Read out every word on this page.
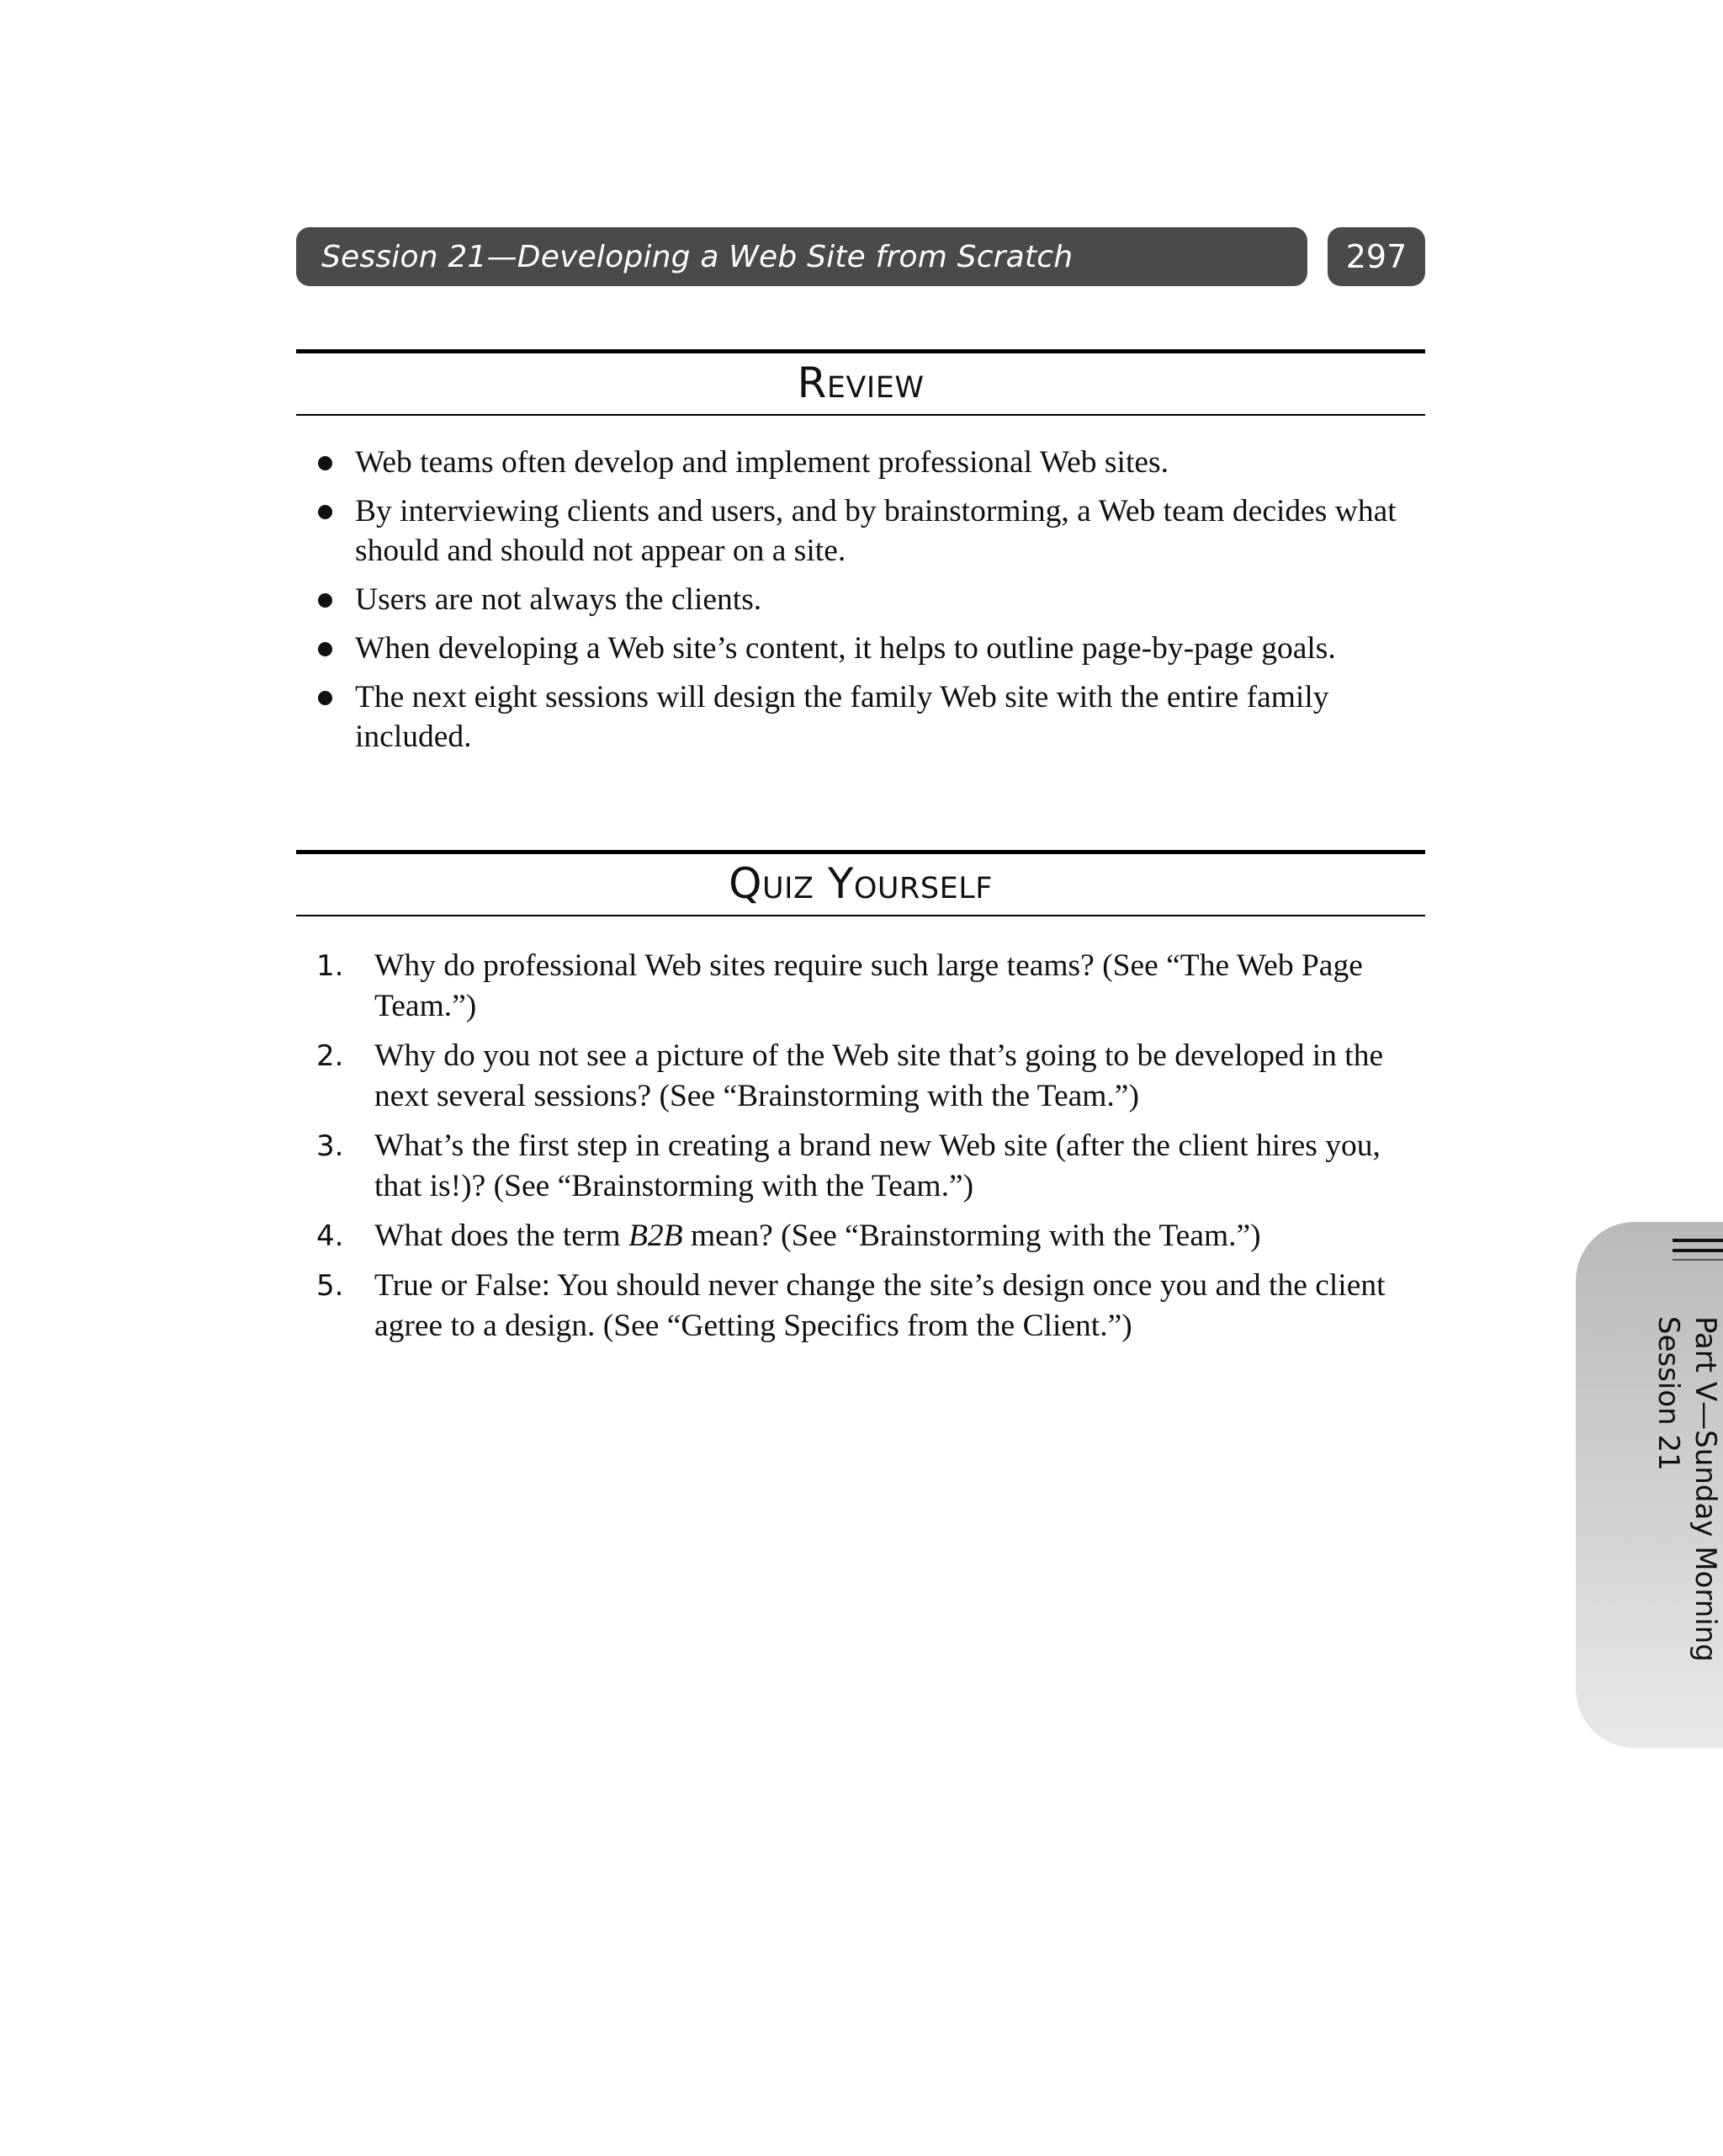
Session 21—Developing a Web Site from Scratch	297
Review
Web teams often develop and implement professional Web sites.
By interviewing clients and users, and by brainstorming, a Web team decides what should and should not appear on a site.
Users are not always the clients.
When developing a Web site’s content, it helps to outline page-by-page goals.
The next eight sessions will design the family Web site with the entire family included.
Quiz Yourself
1. Why do professional Web sites require such large teams? (See “The Web Page Team.”)
2. Why do you not see a picture of the Web site that’s going to be developed in the next several sessions? (See “Brainstorming with the Team.”)
3. What’s the first step in creating a brand new Web site (after the client hires you, that is!)? (See “Brainstorming with the Team.”)
4. What does the term B2B mean? (See “Brainstorming with the Team.”)
5. True or False: You should never change the site’s design once you and the client agree to a design. (See “Getting Specifics from the Client.”)	Part V—Sunday Morning
Session 21
